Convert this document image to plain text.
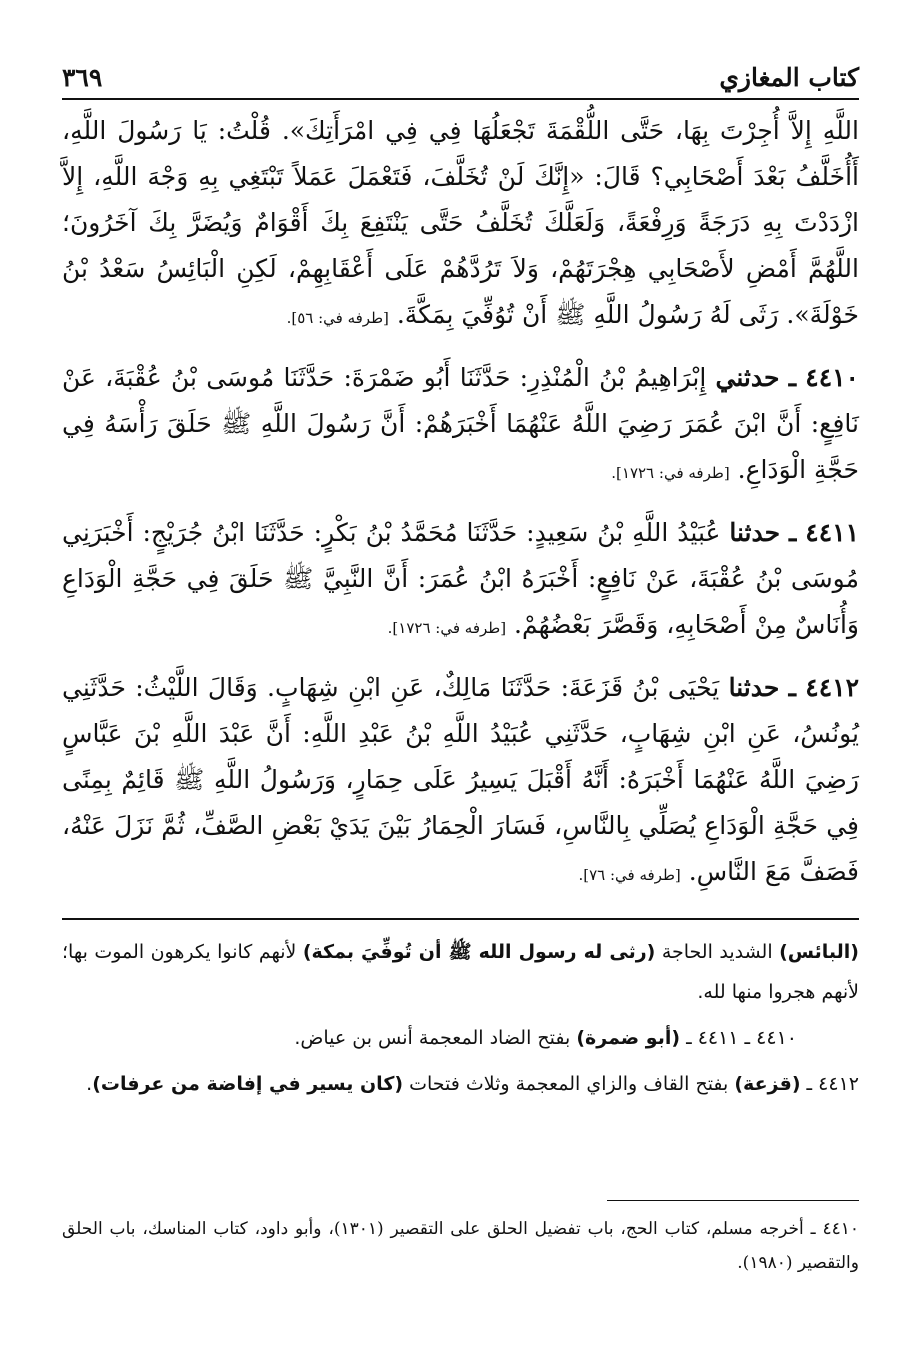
٣٦٩	كتاب المغازي

اللَّهِ إِلاَّ أُجِرْتَ بِهَا، حَتَّى اللُّقْمَةَ تَجْعَلُهَا فِي فِي امْرَأَتِكَ». قُلْتُ: يَا رَسُولَ اللَّهِ، أَأُخَلَّفُ بَعْدَ أَصْحَابِي؟ قَالَ: «إِنَّكَ لَنْ تُخَلَّفَ، فَتَعْمَلَ عَمَلاً تَبْتَغِي بِهِ وَجْهَ اللَّهِ، إِلاَّ ازْدَدْتَ بِهِ دَرَجَةً وَرِفْعَةً، وَلَعَلَّكَ تُخَلَّفُ حَتَّى يَنْتَفِعَ بِكَ أَقْوَامٌ وَيُضَرَّ بِكَ آخَرُونَ؛ اللَّهُمَّ أَمْضِ لأَصْحَابِي هِجْرَتَهُمْ، وَلاَ تَرُدَّهُمْ عَلَى أَعْقَابِهِمْ، لَكِنِ الْبَائِسُ سَعْدُ بْنُ خَوْلَةَ». رَثَى لَهُ رَسُولُ اللَّهِ ﷺ أَنْ تُوُفِّيَ بِمَكَّةَ. [طرفه في: ٥٦].

٤٤١٠ ـ حدثني إِبْرَاهِيمُ بْنُ الْمُنْذِرِ: حَدَّثَنَا أَبُو ضَمْرَةَ: حَدَّثَنَا مُوسَى بْنُ عُقْبَةَ، عَنْ نَافِعٍ: أَنَّ ابْنَ عُمَرَ رَضِيَ اللَّهُ عَنْهُمَا أَخْبَرَهُمْ: أَنَّ رَسُولَ اللَّهِ ﷺ حَلَقَ رَأْسَهُ فِي حَجَّةِ الْوَدَاعِ. [طرفه في: ١٧٢٦].

٤٤١١ ـ حدثنا عُبَيْدُ اللَّهِ بْنُ سَعِيدٍ: حَدَّثَنَا مُحَمَّدُ بْنُ بَكْرٍ: حَدَّثَنَا ابْنُ جُرَيْجٍ: أَخْبَرَنِي مُوسَى بْنُ عُقْبَةَ، عَنْ نَافِعٍ: أَخْبَرَهُ ابْنُ عُمَرَ: أَنَّ النَّبِيَّ ﷺ حَلَقَ فِي حَجَّةِ الْوَدَاعِ وَأُنَاسٌ مِنْ أَصْحَابِهِ، وَقَصَّرَ بَعْضُهُمْ. [طرفه في: ١٧٢٦].

٤٤١٢ ـ حدثنا يَحْيَى بْنُ قَزَعَةَ: حَدَّثَنَا مَالِكٌ، عَنِ ابْنِ شِهَابٍ. وَقَالَ اللَّيْثُ: حَدَّثَنِي يُونُسُ، عَنِ ابْنِ شِهَابٍ، حَدَّثَنِي عُبَيْدُ اللَّهِ بْنُ عَبْدِ اللَّهِ: أَنَّ عَبْدَ اللَّهِ بْنَ عَبَّاسٍ رَضِيَ اللَّهُ عَنْهُمَا أَخْبَرَهُ: أَنَّهُ أَقْبَلَ يَسِيرُ عَلَى حِمَارٍ، وَرَسُولُ اللَّهِ ﷺ قَائِمٌ بِمِنًى فِي حَجَّةِ الْوَدَاعِ يُصَلِّي بِالنَّاسِ، فَسَارَ الْحِمَارُ بَيْنَ يَدَيْ بَعْضِ الصَّفِّ، ثُمَّ نَزَلَ عَنْهُ، فَصَفَّ مَعَ النَّاسِ. [طرفه في: ٧٦].

(البائس) الشديد الحاجة (رثى له رسول الله ﷺ أن تُوفِّيَ بمكة) لأنهم كانوا يكرهون الموت بها؛ لأنهم هجروا منها لله.

٤٤١٠ ـ ٤٤١١ ـ (أبو ضمرة) بفتح الضاد المعجمة أنس بن عياض.

٤٤١٢ ـ (قزعة) بفتح القاف والزاي المعجمة وثلاث فتحات (كان يسير في إفاضة من عرفات).

٤٤١٠ ـ أخرجه مسلم، كتاب الحج، باب تفضيل الحلق على التقصير (١٣٠١)، وأبو داود، كتاب المناسك، باب الحلق والتقصير (١٩٨٠).
